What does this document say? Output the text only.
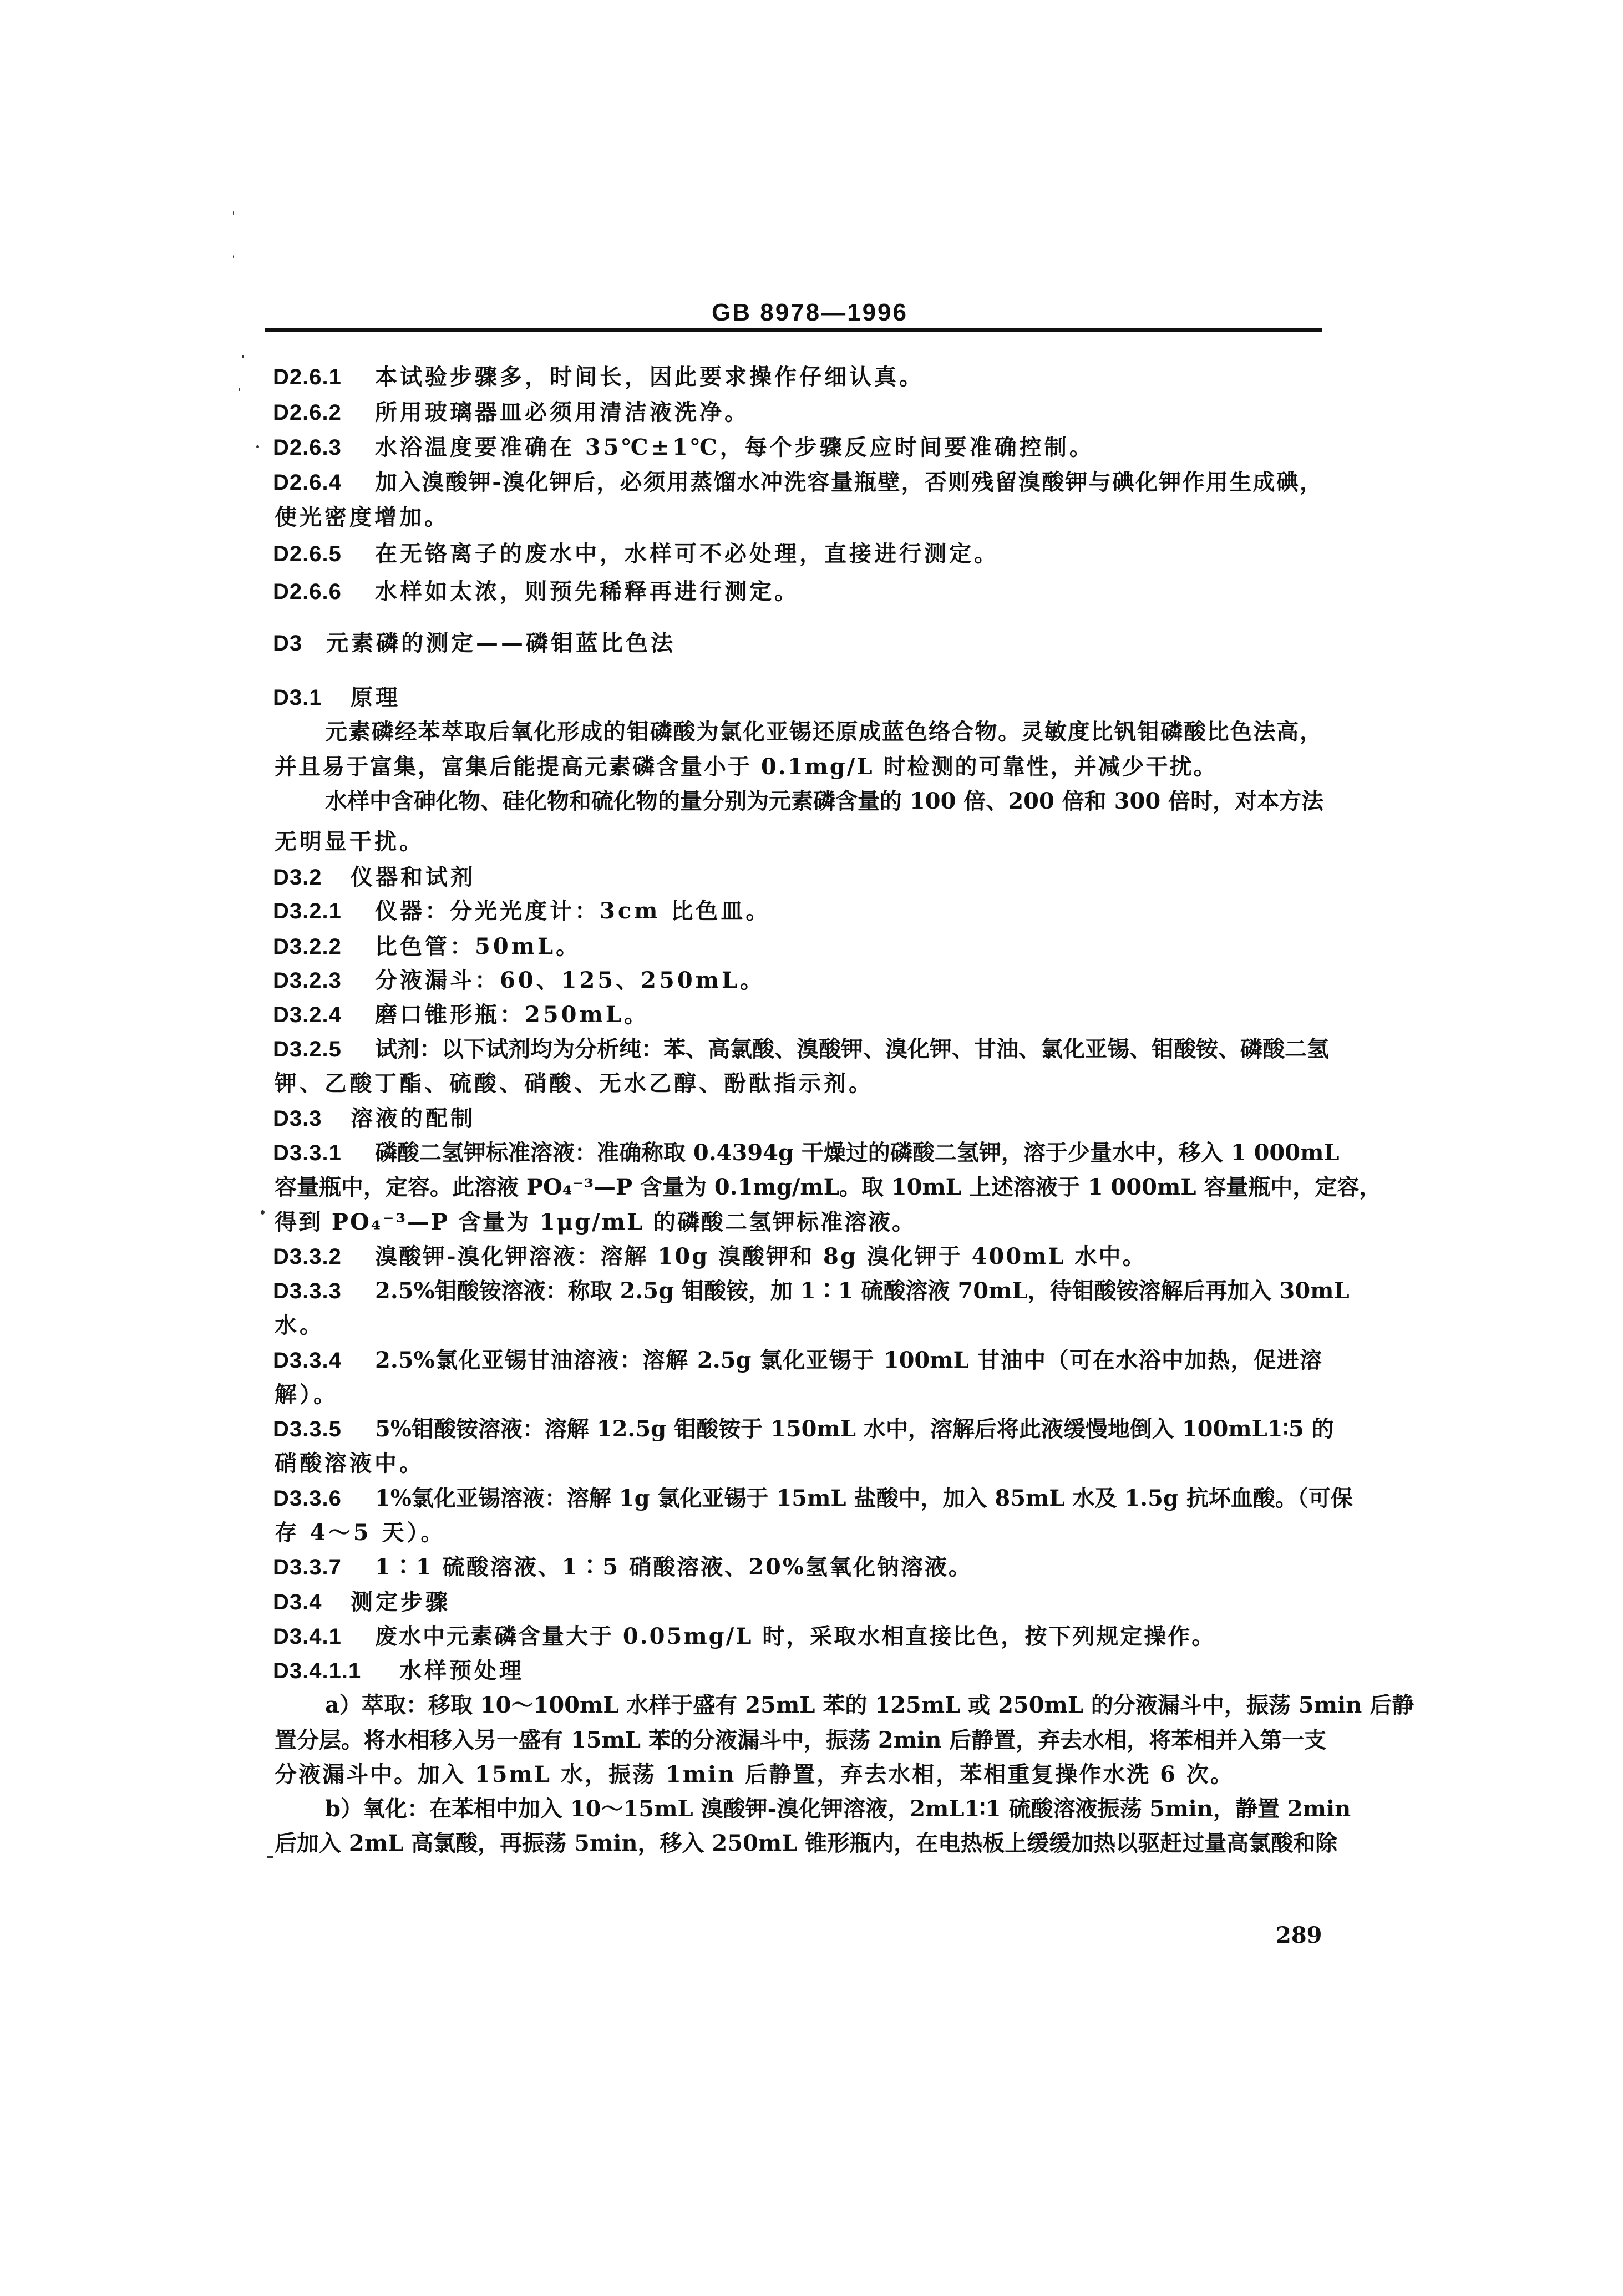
GB 8978—1996
D2.6.1 本试验步骤多，时间长，因此要求操作仔细认真。
D2.6.2 所用玻璃器皿必须用清洁液洗净。
D2.6.3 水浴温度要准确在 35℃±1℃，每个步骤反应时间要准确控制。
D2.6.4 加入溴酸钾-溴化钾后，必须用蒸馏水冲洗容量瓶壁，否则残留溴酸钾与碘化钾作用生成碘，
使光密度增加。
D2.6.5 在无铬离子的废水中，水样可不必处理，直接进行测定。
D2.6.6 水样如太浓，则预先稀释再进行测定。
D3 元素磷的测定——磷钼蓝比色法
D3.1 原理
元素磷经苯萃取后氧化形成的钼磷酸为氯化亚锡还原成蓝色络合物。灵敏度比钒钼磷酸比色法高，
并且易于富集，富集后能提高元素磷含量小于 0.1mg/L 时检测的可靠性，并减少干扰。
水样中含砷化物、硅化物和硫化物的量分别为元素磷含量的 100 倍、200 倍和 300 倍时，对本方法
无明显干扰。
D3.2 仪器和试剂
D3.2.1 仪器：分光光度计：3cm 比色皿。
D3.2.2 比色管：50mL。
D3.2.3 分液漏斗：60、125、250mL。
D3.2.4 磨口锥形瓶：250mL。
D3.2.5 试剂：以下试剂均为分析纯：苯、高氯酸、溴酸钾、溴化钾、甘油、氯化亚锡、钼酸铵、磷酸二氢
钾、乙酸丁酯、硫酸、硝酸、无水乙醇、酚酞指示剂。
D3.3 溶液的配制
D3.3.1 磷酸二氢钾标准溶液：准确称取 0.4394g 干燥过的磷酸二氢钾，溶于少量水中，移入 1 000mL
容量瓶中，定容。此溶液 PO₄⁻³—P 含量为 0.1mg/mL。取 10mL 上述溶液于 1 000mL 容量瓶中，定容，
得到 PO₄⁻³—P 含量为 1μg/mL 的磷酸二氢钾标准溶液。
D3.3.2 溴酸钾-溴化钾溶液：溶解 10g 溴酸钾和 8g 溴化钾于 400mL 水中。
D3.3.3 2.5%钼酸铵溶液：称取 2.5g 钼酸铵，加 1∶1 硫酸溶液 70mL，待钼酸铵溶解后再加入 30mL
水。
D3.3.4 2.5%氯化亚锡甘油溶液：溶解 2.5g 氯化亚锡于 100mL 甘油中（可在水浴中加热，促进溶
解）。
D3.3.5 5%钼酸铵溶液：溶解 12.5g 钼酸铵于 150mL 水中，溶解后将此液缓慢地倒入 100mL1∶5 的
硝酸溶液中。
D3.3.6 1%氯化亚锡溶液：溶解 1g 氯化亚锡于 15mL 盐酸中，加入 85mL 水及 1.5g 抗坏血酸。（可保
存 4～5 天）。
D3.3.7 1∶1 硫酸溶液、1∶5 硝酸溶液、20%氢氧化钠溶液。
D3.4 测定步骤
D3.4.1 废水中元素磷含量大于 0.05mg/L 时，采取水相直接比色，按下列规定操作。
D3.4.1.1 水样预处理
a）萃取：移取 10～100mL 水样于盛有 25mL 苯的 125mL 或 250mL 的分液漏斗中，振荡 5min 后静
置分层。将水相移入另一盛有 15mL 苯的分液漏斗中，振荡 2min 后静置，弃去水相，将苯相并入第一支
分液漏斗中。加入 15mL 水，振荡 1min 后静置，弃去水相，苯相重复操作水洗 6 次。
b）氧化：在苯相中加入 10～15mL 溴酸钾-溴化钾溶液，2mL1∶1 硫酸溶液振荡 5min，静置 2min
后加入 2mL 高氯酸，再振荡 5min，移入 250mL 锥形瓶内，在电热板上缓缓加热以驱赶过量高氯酸和除
289
